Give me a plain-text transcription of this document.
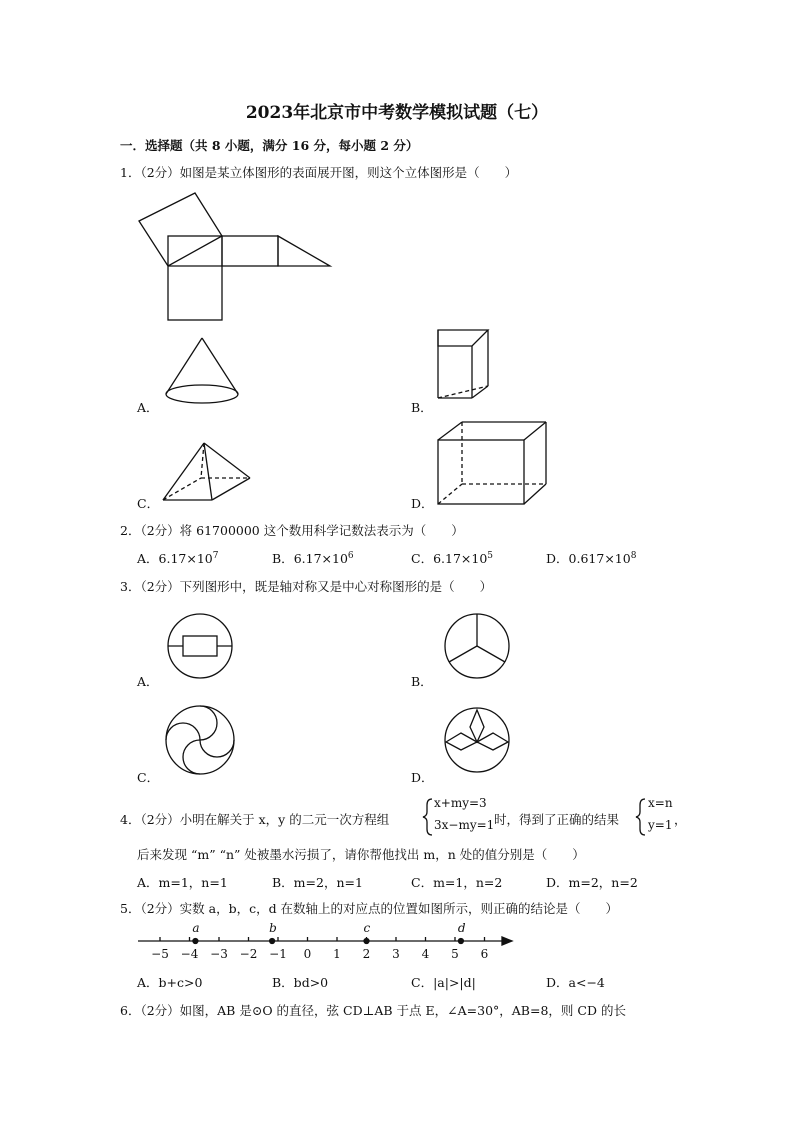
2023年北京市中考数学模拟试题（七）
一．选择题（共 8 小题，满分 16 分，每小题 2 分）
1．（2分）如图是某立体图形的表面展开图，则这个立体图形是（　　）
A．	B．
C．	D．
2．（2分）将 61700000 这个数用科学记数法表示为（　　）
A．$6.17\times 10^7$	B．$6.17\times 10^6$	C．$6.17\times 10^5$	D．$0.617\times 10^8$
3．（2分）下列图形中，既是轴对称又是中心对称图形的是（　　）
A．	B．
C．	D．
4．（2分）小明在解关于 x，y 的二元一次方程组
x+my=3
3x−my=1 时，得到了正确的结果
x=n
y=1 ，
后来发现 “m” “n” 处被墨水污损了，请你帮他找出 m，n 处的值分别是（　　）
A．m=1，n=1	B．m=2，n=1	C．m=1，n=2	D．m=2，n=2
5．（2分）实数 a，b，c，d 在数轴上的对应点的位置如图所示，则正确的结论是（　　）
−5 −4 −3 −2 −1	0	1	2	3	4	5	6
a	b	c	d
A．b+c>0	B．bd>0	C．|a|>|d|	D．a<−4
6．（2分）如图，AB 是⊙O 的直径，弦 CD⊥AB 于点 E，∠A=30°，AB=8，则 CD 的长
